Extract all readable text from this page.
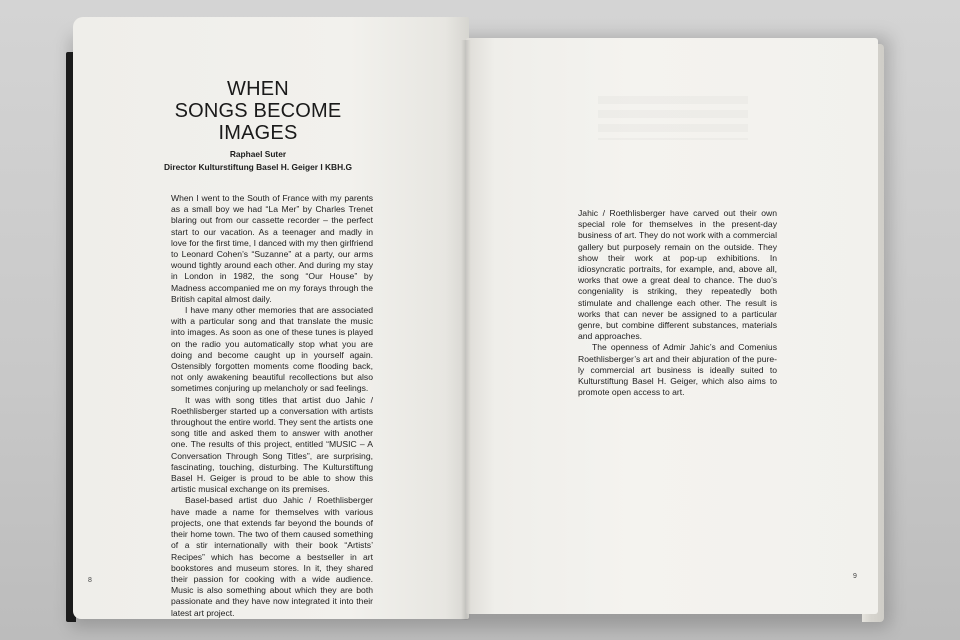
WHEN
SONGS BECOME
IMAGES
Raphael Suter
Director Kulturstiftung Basel H. Geiger I KBH.G

When I went to the South of France with my parents as a small boy we had “La Mer” by Charles Trenet blaring out from our cassette recorder – the perfect start to our vacation. As a teenager and madly in love for the first time, I danced with my then girlfriend to Leonard Cohen’s “Suzanne” at a party, our arms wound tightly around each other. And during my stay in London in 1982, the song “Our House” by Madness accompanied me on my forays through the British capital almost daily.

I have many other memories that are associated with a particular song and that translate the music into images. As soon as one of these tunes is played on the radio you automatically stop what you are doing and become caught up in yourself again. Ostensibly forgotten moments come flooding back, not only awakening beautiful recollections but also sometimes conjuring up melancholy or sad feelings.

It was with song titles that artist duo Jahic / Roethlisberger started up a conversation with artists throughout the entire world. They sent the artists one song title and asked them to answer with another one. The results of this project, entitled “MUSIC – A Conversation Through Song Titles”, are surprising, fascinating, touching, disturbing. The Kulturstiftung Basel H. Geiger is proud to be able to show this artistic musical exchange on its premises.

Basel-based artist duo Jahic / Roethlisberger have made a name for themselves with various projects, one that extends far beyond the bounds of their home town. The two of them caused something of a stir internationally with their book “Artists’ Recipes” which has become a bestseller in art bookstores and museum stores. In it, they shared their passion for cooking with a wide audience. Music is also something about which they are both passionate and they have now integrated it into their latest art project.

Jahic / Roethlisberger have carved out their own special role for themselves in the present-day business of art. They do not work with a commercial gallery but purposely remain on the outside. They show their work at pop-up exhibitions. In idiosyncratic portraits, for example, and, above all, works that owe a great deal to chance. The duo’s congeniality is striking, they repeatedly both stimulate and challenge each other. The result is works that can never be assigned to a particular genre, but combine different substances, materials and approaches.

The openness of Admir Jahic’s and Comenius Roethlisberger’s art and their abjuration of the purely commercial art business is ideally suited to Kulturstiftung Basel H. Geiger, which also aims to promote open access to art.

8
9
